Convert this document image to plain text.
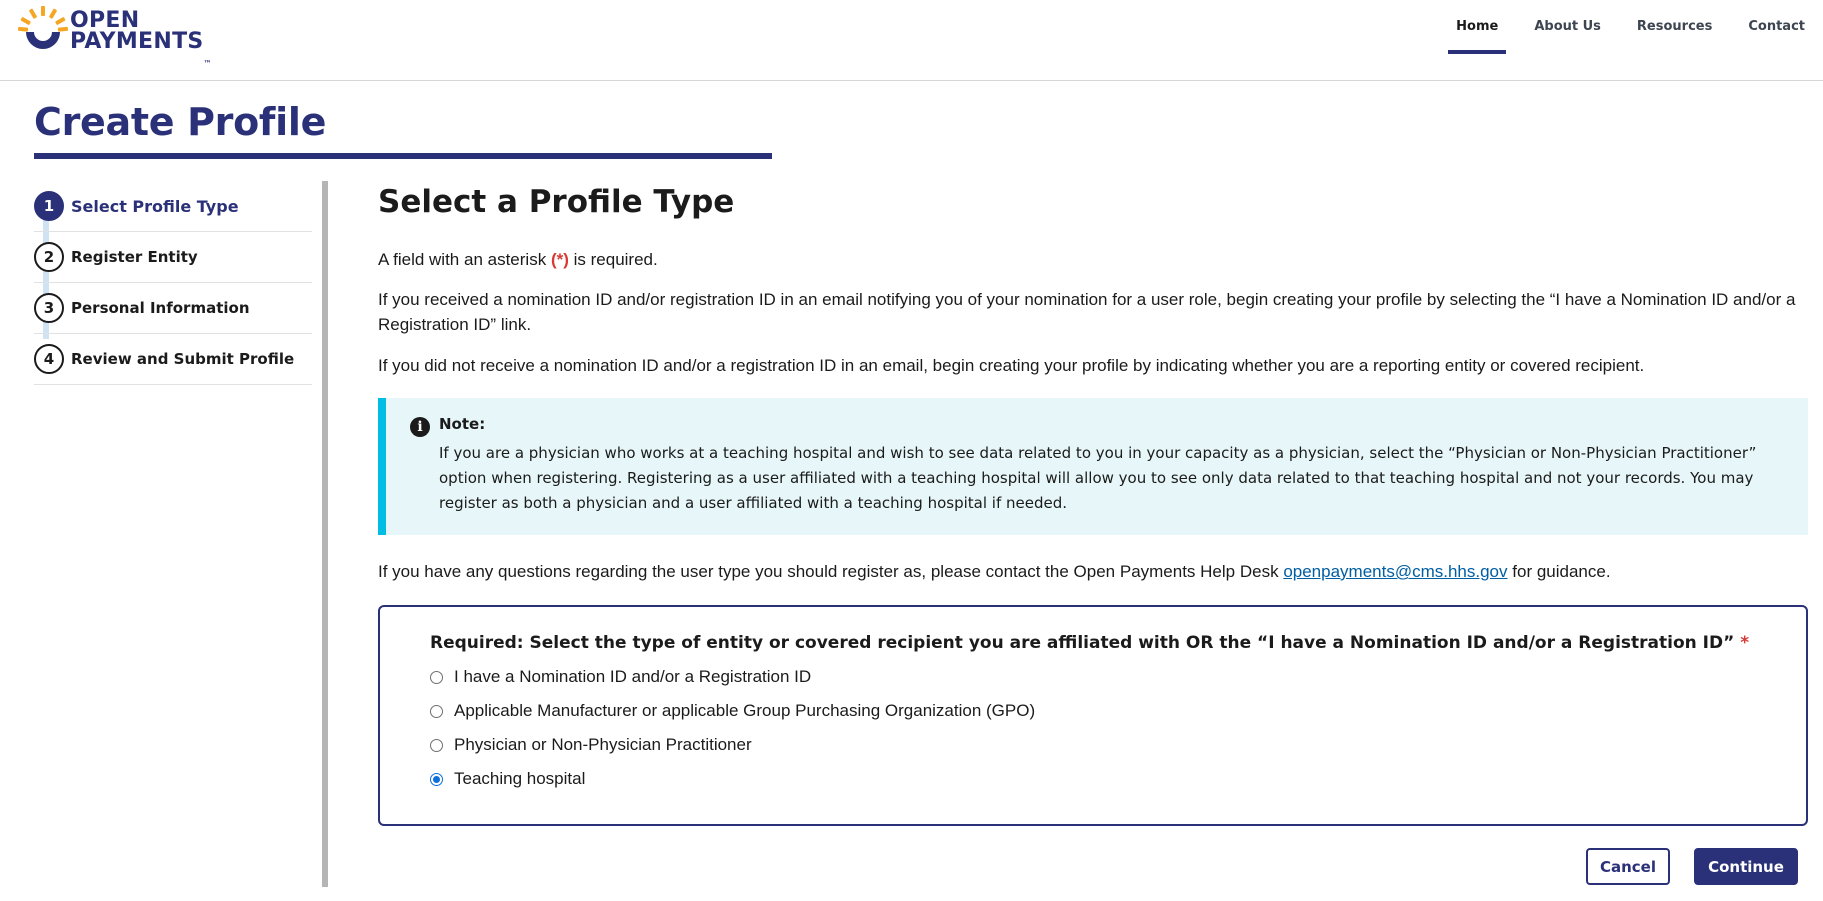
OPEN
PAYMENTS™
Home	About Us	Resources	Contact
Create Profile
1	Select Profile Type
2	Register Entity
3	Personal Information
4	Review and Submit Profile
Select a Profile Type
A field with an asterisk (*) is required.

If you received a nomination ID and/or registration ID in an email notifying you of your nomination for a user role, begin creating your profile by selecting the “I have a Nomination ID and/or a Registration ID” link.

If you did not receive a nomination ID and/or a registration ID in an email, begin creating your profile by indicating whether you are a reporting entity or covered recipient.

i	Note:
If you are a physician who works at a teaching hospital and wish to see data related to you in your capacity as a physician, select the “Physician or Non-Physician Practitioner” option when registering. Registering as a user affiliated with a teaching hospital will allow you to see only data related to that teaching hospital and not your records. You may register as both a physician and a user affiliated with a teaching hospital if needed.

If you have any questions regarding the user type you should register as, please contact the Open Payments Help Desk openpayments@cms.hhs.gov for guidance.

Required: Select the type of entity or covered recipient you are affiliated with OR the “I have a Nomination ID and/or a Registration ID” *
I have a Nomination ID and/or a Registration ID
Applicable Manufacturer or applicable Group Purchasing Organization (GPO)
Physician or Non-Physician Practitioner
Teaching hospital
Cancel	Continue
